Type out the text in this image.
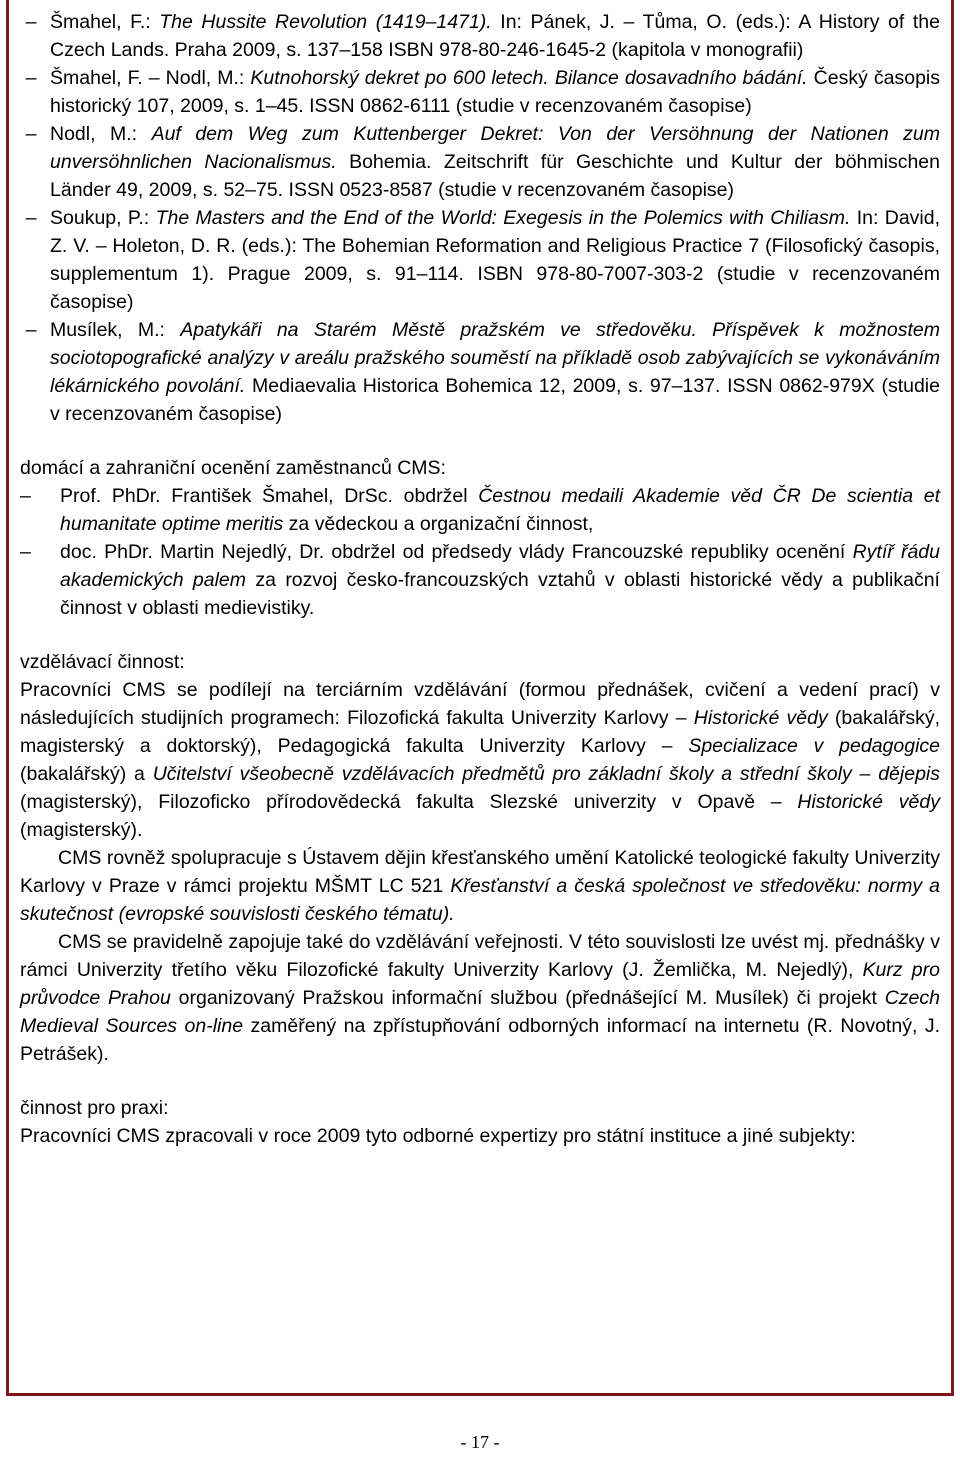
– Šmahel, F.: The Hussite Revolution (1419–1471). In: Pánek, J. – Tůma, O. (eds.): A History of the Czech Lands. Praha 2009, s. 137–158 ISBN 978-80-246-1645-2 (kapitola v monografii)
– Šmahel, F. – Nodl, M.: Kutnohorský dekret po 600 letech. Bilance dosavadního bádání. Český časopis historický 107, 2009, s. 1–45. ISSN 0862-6111 (studie v recenzovaném časopise)
– Nodl, M.: Auf dem Weg zum Kuttenberger Dekret: Von der Versöhnung der Nationen zum unversöhnlichen Nacionalismus. Bohemia. Zeitschrift für Geschichte und Kultur der böhmischen Länder 49, 2009, s. 52–75. ISSN 0523-8587 (studie v recenzovaném časopise)
– Soukup, P.: The Masters and the End of the World: Exegesis in the Polemics with Chiliasm. In: David, Z. V. – Holeton, D. R. (eds.): The Bohemian Reformation and Religious Practice 7 (Filosofický časopis, supplementum 1). Prague 2009, s. 91–114. ISBN 978-80-7007-303-2 (studie v recenzovaném časopise)
– Musílek, M.: Apatykáři na Starém Městě pražském ve středověku. Příspěvek k možnostem sociotopografické analýzy v areálu pražského souměstí na příkladě osob zabývajících se vykonáváním lékárnického povolání. Mediaevalia Historica Bohemica 12, 2009, s. 97–137. ISSN 0862-979X (studie v recenzovaném časopise)

domácí a zahraniční ocenění zaměstnanců CMS:

–	Prof. PhDr. František Šmahel, DrSc. obdržel Čestnou medaili Akademie věd ČR De scientia et humanitate optime meritis za vědeckou a organizační činnost,
–	doc. PhDr. Martin Nejedlý, Dr. obdržel od předsedy vlády Francouzské republiky ocenění Rytíř řádu akademických palem za rozvoj česko-francouzských vztahů v oblasti historické vědy a publikační činnost v oblasti medievistiky.

vzdělávací činnost:

Pracovníci CMS se podílejí na terciárním vzdělávání (formou přednášek, cvičení a vedení prací) v následujících studijních programech: Filozofická fakulta Univerzity Karlovy – Historické vědy (bakalářský, magisterský a doktorský), Pedagogická fakulta Univerzity Karlovy – Specializace v pedagogice (bakalářský) a Učitelství všeobecně vzdělávacích předmětů pro základní školy a střední školy – dějepis (magisterský), Filozoficko přírodovědecká fakulta Slezské univerzity v Opavě – Historické vědy (magisterský).

CMS rovněž spolupracuje s Ústavem dějin křesťanského umění Katolické teologické fakulty Univerzity Karlovy v Praze v rámci projektu MŠMT LC 521 Křesťanství a česká společnost ve středověku: normy a skutečnost (evropské souvislosti českého tématu).

CMS se pravidelně zapojuje také do vzdělávání veřejnosti. V této souvislosti lze uvést mj. přednášky v rámci Univerzity třetího věku Filozofické fakulty Univerzity Karlovy (J. Žemlička, M. Nejedlý), Kurz pro průvodce Prahou organizovaný Pražskou informační službou (přednášející M. Musílek) či projekt Czech Medieval Sources on-line zaměřený na zpřístupňování odborných informací na internetu (R. Novotný, J. Petrášek).

činnost pro praxi:

Pracovníci CMS zpracovali v roce 2009 tyto odborné expertizy pro státní instituce a jiné subjekty:

- 17 -
